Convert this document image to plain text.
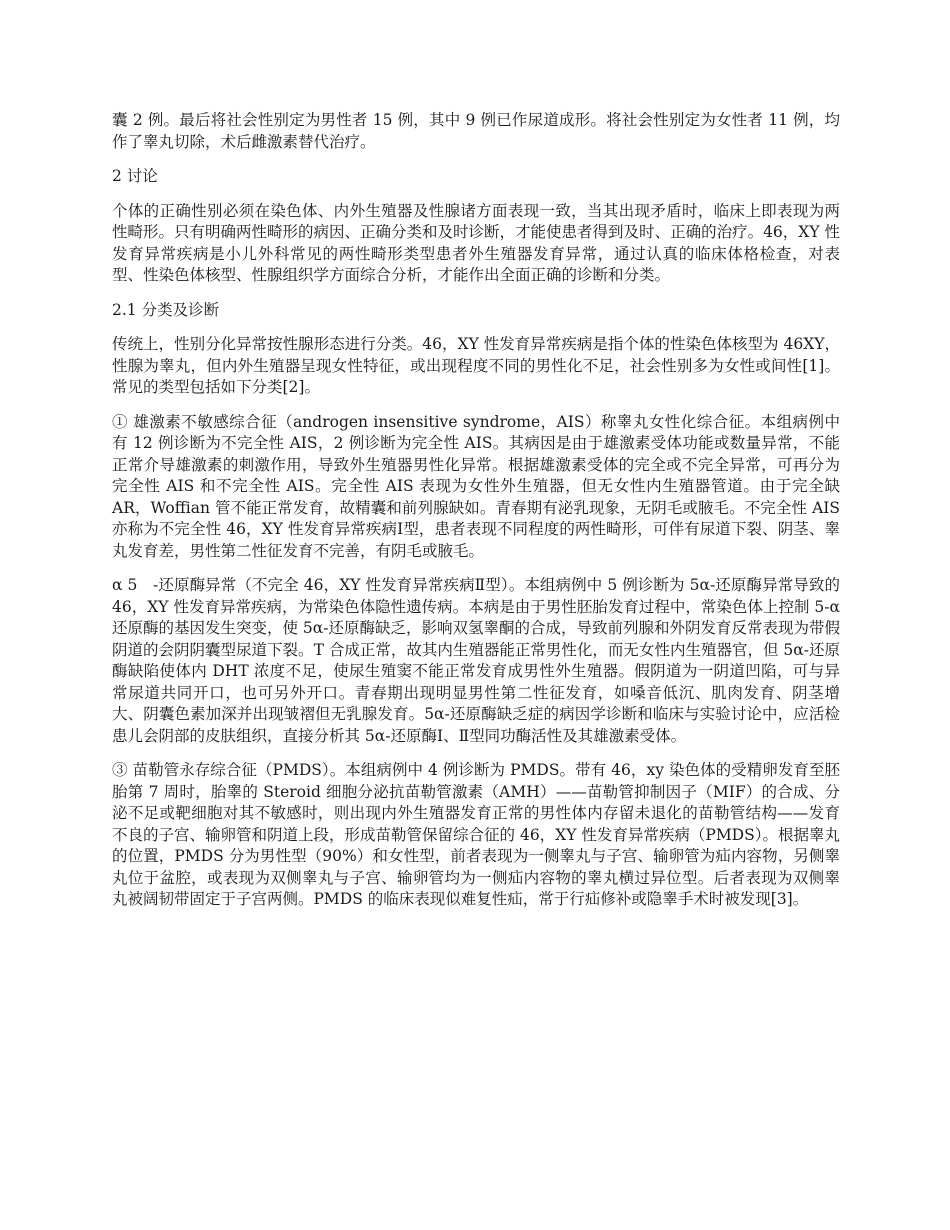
囊 2 例。最后将社会性别定为男性者 15 例，其中 9 例已作尿道成形。将社会性别定为女性者 11 例，均作了睾丸切除，术后雌激素替代治疗。

2 讨论

个体的正确性别必须在染色体、内外生殖器及性腺诸方面表现一致，当其出现矛盾时，临床上即表现为两性畸形。只有明确两性畸形的病因、正确分类和及时诊断，才能使患者得到及时、正确的治疗。46，XY 性发育异常疾病是小儿外科常见的两性畸形类型患者外生殖器发育异常，通过认真的临床体格检查，对表型、性染色体核型、性腺组织学方面综合分析，才能作出全面正确的诊断和分类。

2.1 分类及诊断

传统上，性别分化异常按性腺形态进行分类。46，XY 性发育异常疾病是指个体的性染色体核型为 46XY，性腺为睾丸，但内外生殖器呈现女性特征，或出现程度不同的男性化不足，社会性别多为女性或间性[1]。常见的类型包括如下分类[2]。

① 雄激素不敏感综合征（androgen insensitive syndrome，AIS）称睾丸女性化综合征。本组病例中有 12 例诊断为不完全性 AIS，2 例诊断为完全性 AIS。其病因是由于雄激素受体功能或数量异常，不能正常介导雄激素的刺激作用，导致外生殖器男性化异常。根据雄激素受体的完全或不完全异常，可再分为完全性 AIS 和不完全性 AIS。完全性 AIS 表现为女性外生殖器，但无女性内生殖器管道。由于完全缺 AR，Woffian 管不能正常发育，故精囊和前列腺缺如。青春期有泌乳现象，无阴毛或腋毛。不完全性 AIS 亦称为不完全性 46，XY 性发育异常疾病Ⅰ型，患者表现不同程度的两性畸形，可伴有尿道下裂、阴茎、睾丸发育差，男性第二性征发育不完善，有阴毛或腋毛。

α 5　-还原酶异常（不完全 46，XY 性发育异常疾病Ⅱ型）。本组病例中 5 例诊断为 5α-还原酶异常导致的 46，XY 性发育异常疾病，为常染色体隐性遗传病。本病是由于男性胚胎发育过程中，常染色体上控制 5-α 还原酶的基因发生突变，使 5α-还原酶缺乏，影响双氢睾酮的合成，导致前列腺和外阴发育反常表现为带假阴道的会阴阴囊型尿道下裂。T 合成正常，故其内生殖器能正常男性化，而无女性内生殖器官，但 5α-还原酶缺陷使体内 DHT 浓度不足，使尿生殖窦不能正常发育成男性外生殖器。假阴道为一阴道凹陷，可与异常尿道共同开口，也可另外开口。青春期出现明显男性第二性征发育，如嗓音低沉、肌肉发育、阴茎增大、阴囊色素加深并出现皱褶但无乳腺发育。5α-还原酶缺乏症的病因学诊断和临床与实验讨论中，应活检患儿会阴部的皮肤组织，直接分析其 5α-还原酶Ⅰ、Ⅱ型同功酶活性及其雄激素受体。

③ 苗勒管永存综合征（PMDS）。本组病例中 4 例诊断为 PMDS。带有 46，xy 染色体的受精卵发育至胚胎第 7 周时，胎睾的 Steroid 细胞分泌抗苗勒管激素（AMH）——苗勒管抑制因子（MIF）的合成、分泌不足或靶细胞对其不敏感时，则出现内外生殖器发育正常的男性体内存留未退化的苗勒管结构——发育不良的子宫、输卵管和阴道上段，形成苗勒管保留综合征的 46，XY 性发育异常疾病（PMDS）。根据睾丸的位置，PMDS 分为男性型（90%）和女性型，前者表现为一侧睾丸与子宫、输卵管为疝内容物，另侧睾丸位于盆腔，或表现为双侧睾丸与子宫、输卵管均为一侧疝内容物的睾丸横过异位型。后者表现为双侧睾丸被阔韧带固定于子宫两侧。PMDS 的临床表现似难复性疝，常于行疝修补或隐睾手术时被发现[3]。
